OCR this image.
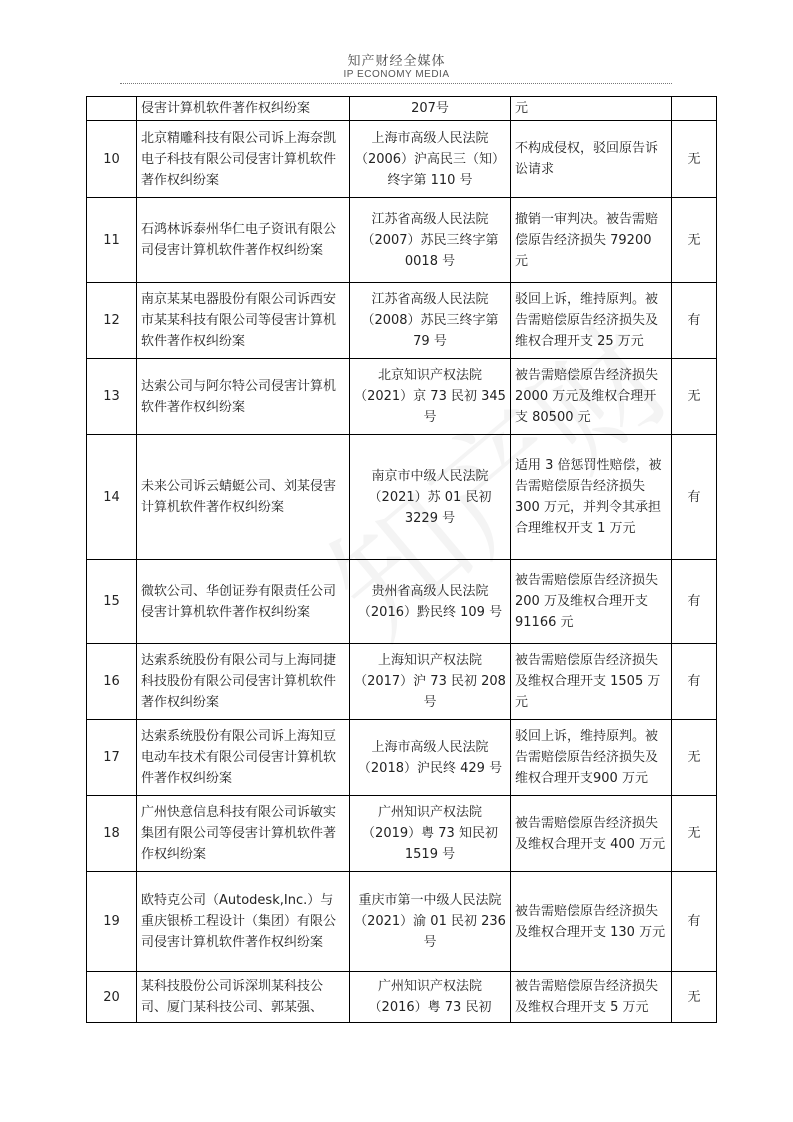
知产财经全媒体
IP ECONOMY MEDIA
	侵害计算机软件著作权纠纷案	207号	元	
10	北京精雕科技有限公司诉上海奈凯电子科技有限公司侵害计算机软件著作权纠纷案	上海市高级人民法院（2006）沪高民三（知）终字第 110 号	不构成侵权，驳回原告诉讼请求	无
11	石鸿林诉泰州华仁电子资讯有限公司侵害计算机软件著作权纠纷案	江苏省高级人民法院（2007）苏民三终字第0018 号	撤销一审判决。被告需赔偿原告经济损失 79200 元	无
12	南京某某电器股份有限公司诉西安市某某科技有限公司等侵害计算机软件著作权纠纷案	江苏省高级人民法院（2008）苏民三终字第79 号	驳回上诉，维持原判。被告需赔偿原告经济损失及维权合理开支 25 万元	有
13	达索公司与阿尔特公司侵害计算机软件著作权纠纷案	北京知识产权法院（2021）京 73 民初 345 号	被告需赔偿原告经济损失 2000 万元及维权合理开支 80500 元	无
14	未来公司诉云蜻蜓公司、刘某侵害计算机软件著作权纠纷案	南京市中级人民法院（2021）苏 01 民初3229 号	适用 3 倍惩罚性赔偿，被告需赔偿原告经济损失 300 万元，并判令其承担合理维权开支 1 万元	有
15	微软公司、华创证券有限责任公司侵害计算机软件著作权纠纷案	贵州省高级人民法院（2016）黔民终 109 号	被告需赔偿原告经济损失 200 万及维权合理开支 91166 元	有
16	达索系统股份有限公司与上海同捷科技股份有限公司侵害计算机软件著作权纠纷案	上海知识产权法院（2017）沪 73 民初 208 号	被告需赔偿原告经济损失及维权合理开支 1505 万元	有
17	达索系统股份有限公司诉上海知豆电动车技术有限公司侵害计算机软件著作权纠纷案	上海市高级人民法院（2018）沪民终 429 号	驳回上诉，维持原判。被告需赔偿原告经济损失及维权合理开支900 万元	无
18	广州快意信息科技有限公司诉敏实集团有限公司等侵害计算机软件著作权纠纷案	广州知识产权法院（2019）粤 73 知民初1519 号	被告需赔偿原告经济损失及维权合理开支 400 万元	无
19	欧特克公司（Autodesk,Inc.）与重庆银桥工程设计（集团）有限公司侵害计算机软件著作权纠纷案	重庆市第一中级人民法院（2021）渝 01 民初 236 号	被告需赔偿原告经济损失及维权合理开支 130 万元	有
20	某科技股份公司诉深圳某科技公司、厦门某科技公司、郭某强、	广州知识产权法院（2016）粤 73 民初	被告需赔偿原告经济损失及维权合理开支 5 万元	无
